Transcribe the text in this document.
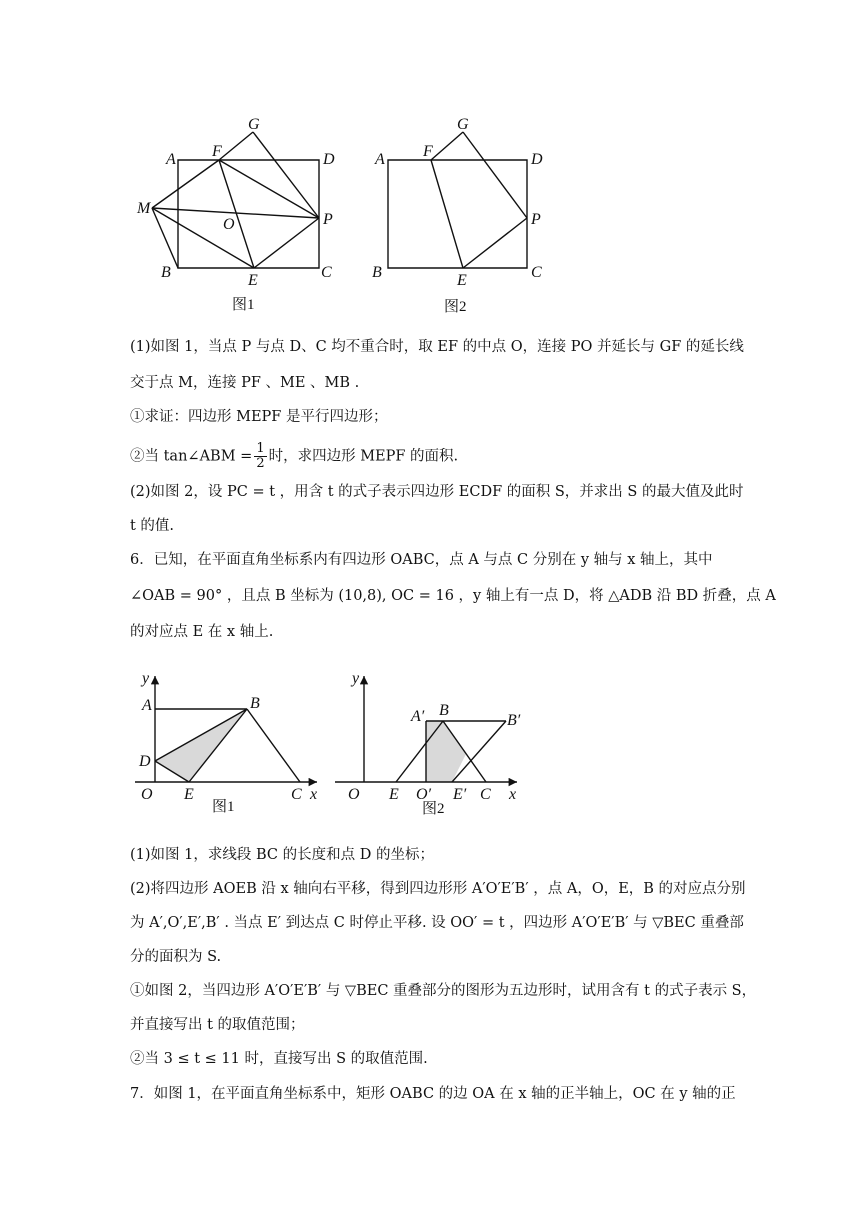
A F
G
D
M
O	P
B	E	C
A F
G
D
P
B	E	C
图1	图2
(1)如图 1，当点 P 与点 D、C 均不重合时，取 EF 的中点 O，连接 PO 并延长与 GF 的延长线
交于点 M，连接 PF 、ME 、MB .
①求证：四边形 MEPF 是平行四边形；
②当 tan∠ABM = $\frac{1}{2}$ 时，求四边形 MEPF 的面积.
(2)如图 2，设 PC = t ，用含 t 的式子表示四边形 ECDF 的面积 S，并求出 S 的最大值及此时
t 的值.
6．已知，在平面直角坐标系内有四边形 OABC，点 A 与点 C 分别在 y 轴与 x 轴上，其中
∠OAB = 90° ，且点 B 坐标为 (10,8), OC = 16 ，y 轴上有一点 D，将 △ADB 沿 BD 折叠，点 A
的对应点 E 在 x 轴上.
y
A	B
D
O E	C x
y
A′ B
B′
O E O′ E′ C x
图1	图2
(1)如图 1，求线段 BC 的长度和点 D 的坐标；
(2)将四边形 AOEB 沿 x 轴向右平移，得到四边形形 A′O′E′B′ ，点 A，O，E，B 的对应点分别
为 A′,O′,E′,B′ . 当点 E′ 到达点 C 时停止平移. 设 OO′ = t ，四边形 A′O′E′B′ 与 ▽BEC 重叠部
分的面积为 S.
①如图 2，当四边形 A′O′E′B′ 与 ▽BEC 重叠部分的图形为五边形时，试用含有 t 的式子表示 S，
并直接写出 t 的取值范围；
②当 3 ≤ t ≤ 11 时，直接写出 S 的取值范围.
7．如图 1，在平面直角坐标系中，矩形 OABC 的边 OA 在 x 轴的正半轴上，OC 在 y 轴的正
